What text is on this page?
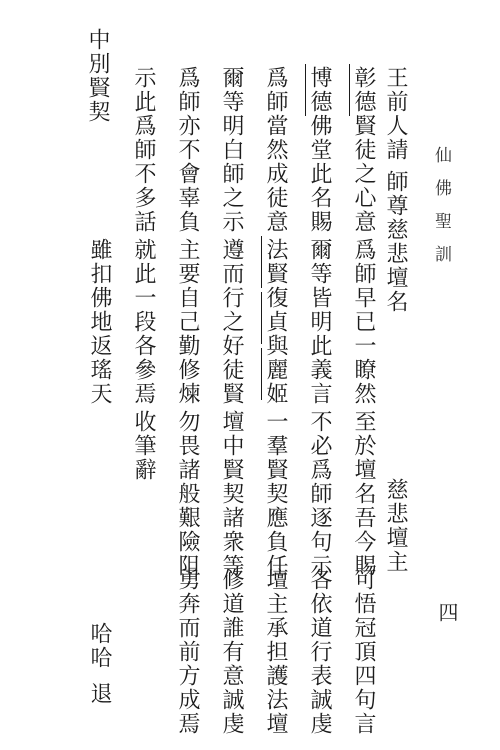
仙佛聖訓
四
王前人請
師尊慈悲壇名
慈悲壇主
彰德賢徒之心意
爲師早已一瞭然
至於壇名吾今賜
可悟冠頂四句言
博德佛堂此名賜
爾等皆明此義言
不必爲師逐句示
各依道行表誠虔
爲師當然成徒意
法賢復貞與麗姬
一羣賢契應負任
壇主承担護法壇
爾等明白師之示
遵而行之好徒賢
壇中賢契諸衆等
修道誰有意誠虔
爲師亦不會辜負
主要自己勤修煉
勿畏諸般艱險阻
勇奔而前方成焉
示此爲師不多話
就此一段各參焉
收筆辭
雖扣佛地返瑤天
哈哈
退
中別賢契
